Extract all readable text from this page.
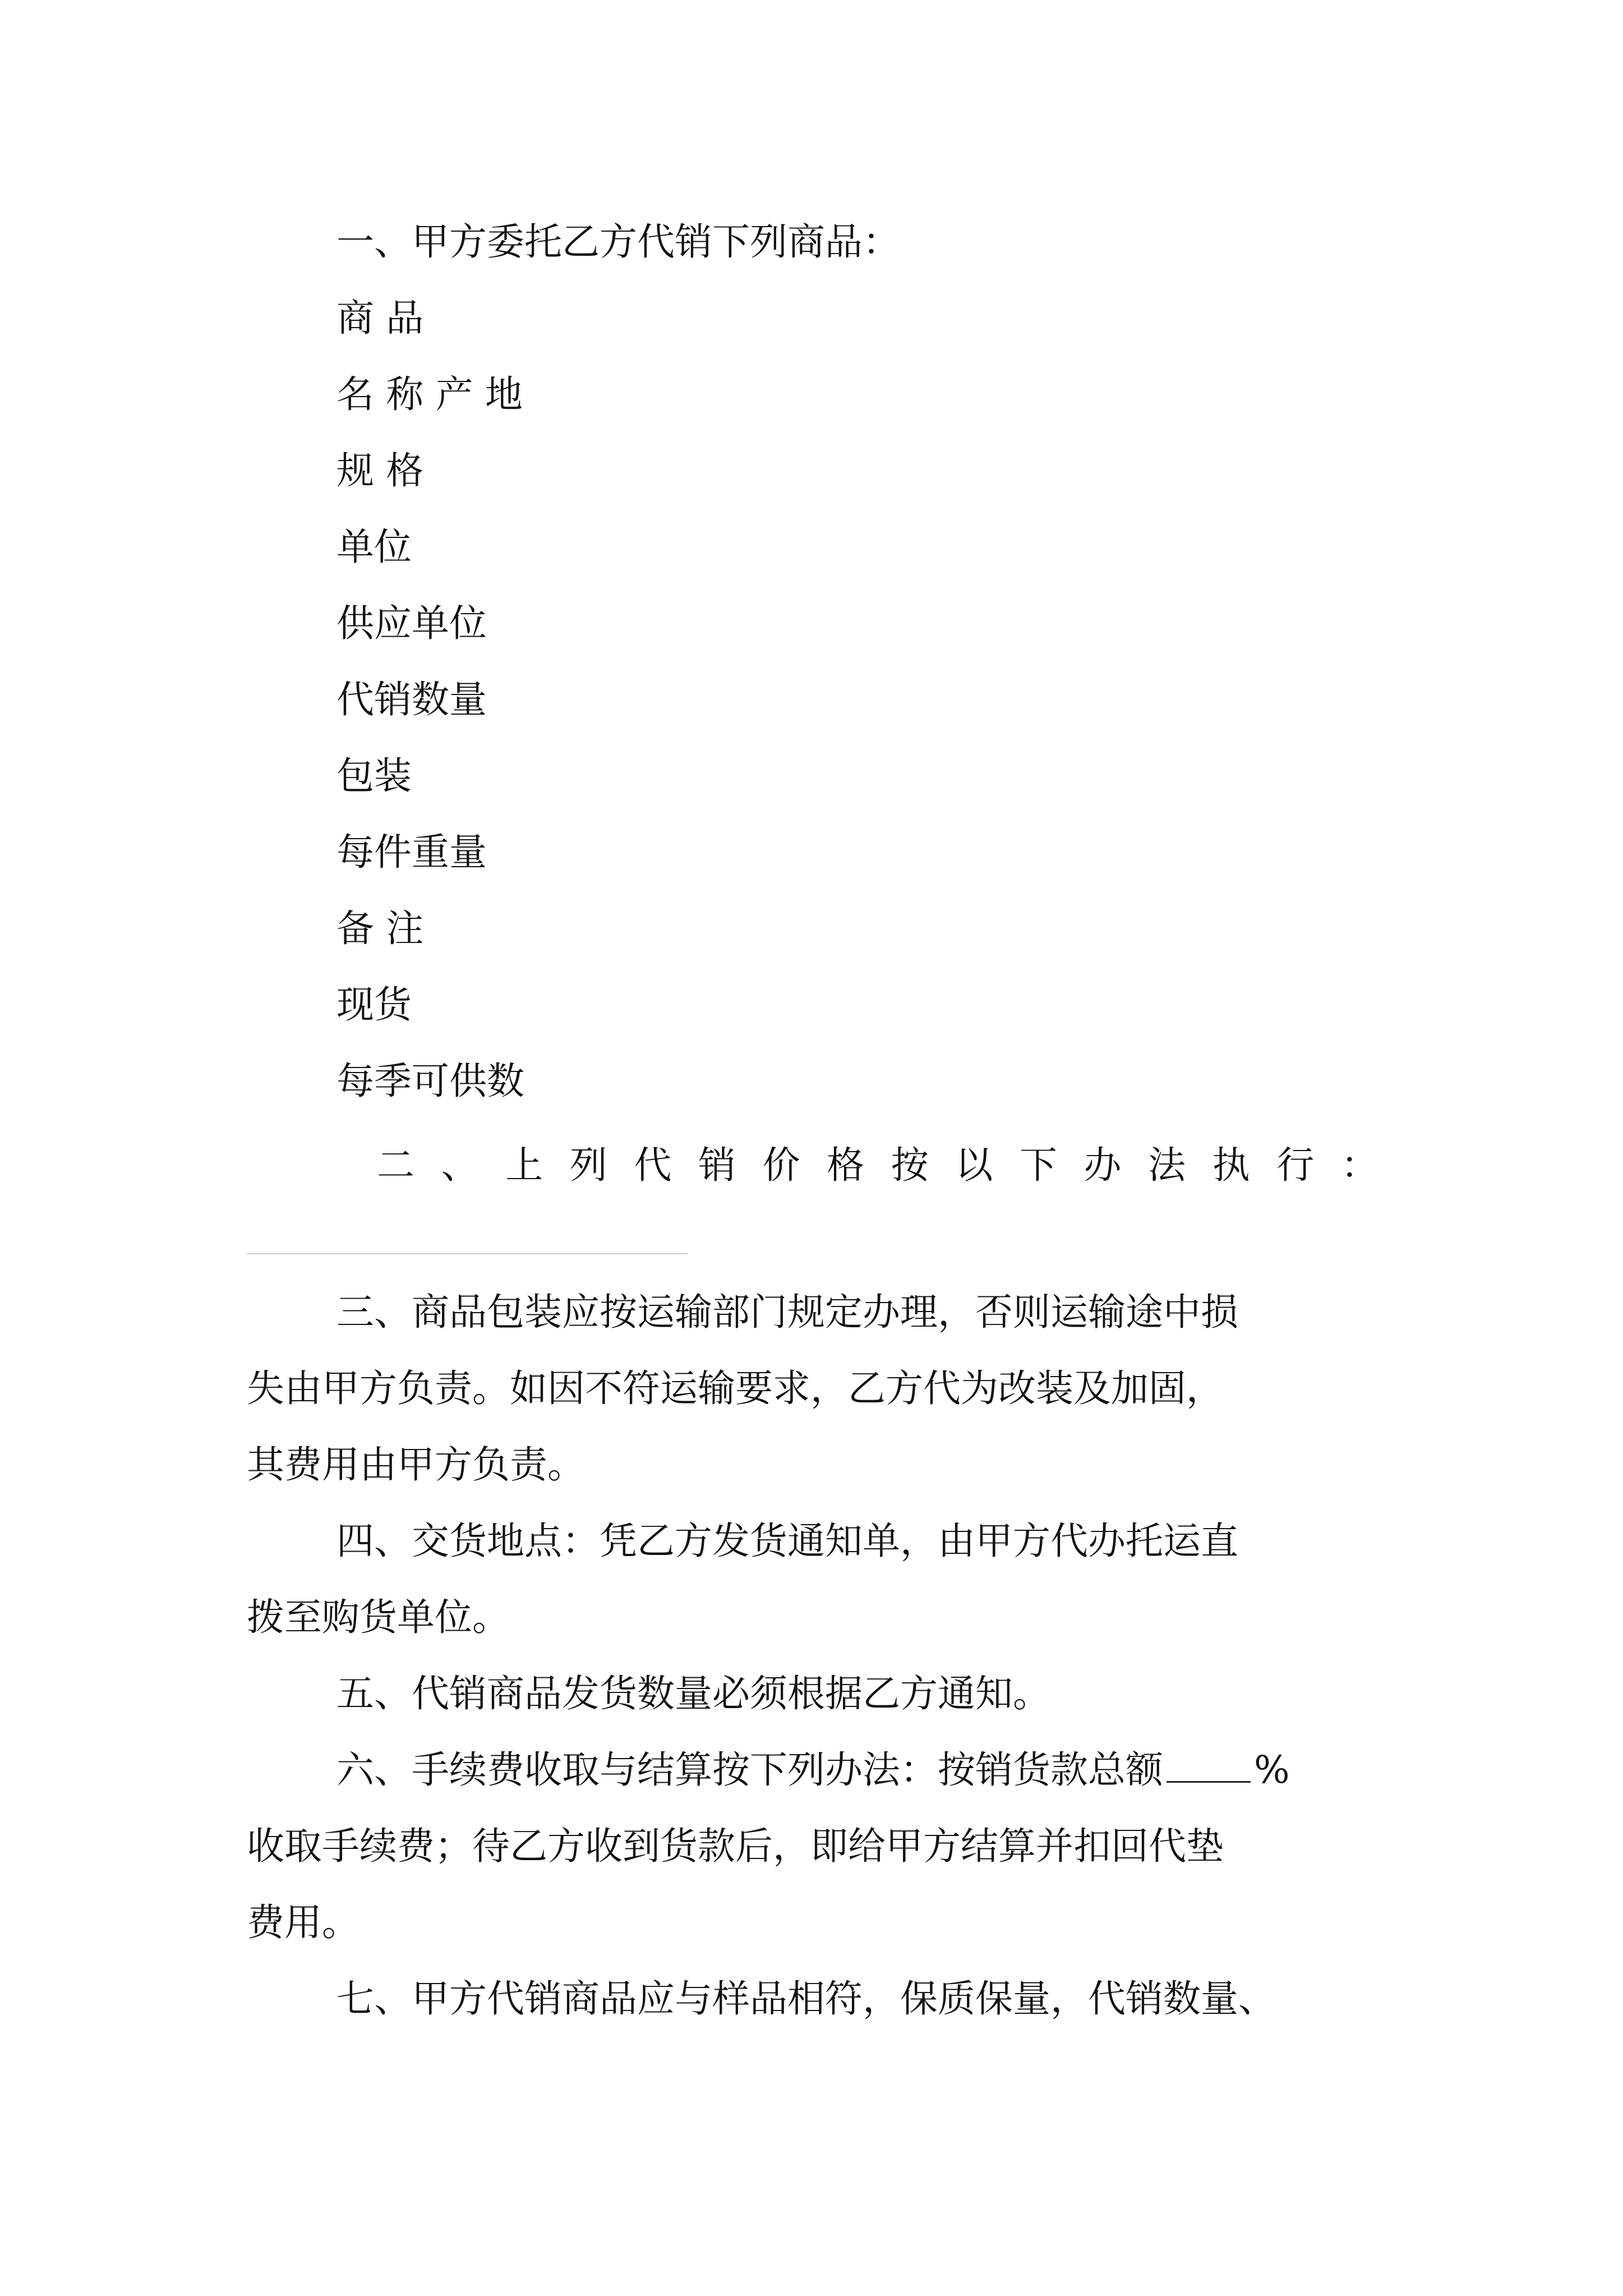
一、甲方委托乙方代销下列商品：
商 品
名 称 产 地
规 格
单位
供应单位
代销数量
包装
每件重量
备 注
现货
每季可供数
二 、 上 列 代 销 价 格 按 以 下 办 法 执 行 ：
三、商品包装应按运输部门规定办理，否则运输途中损
失由甲方负责。如因不符运输要求，乙方代为改装及加固，
其费用由甲方负责。
四、交货地点：凭乙方发货通知单，由甲方代办托运直
拨至购货单位。
五、代销商品发货数量必须根据乙方通知。
六、手续费收取与结算按下列办法：按销货款总额 %
收取手续费；待乙方收到货款后，即给甲方结算并扣回代垫
费用。
七、甲方代销商品应与样品相符，保质保量，代销数量、
